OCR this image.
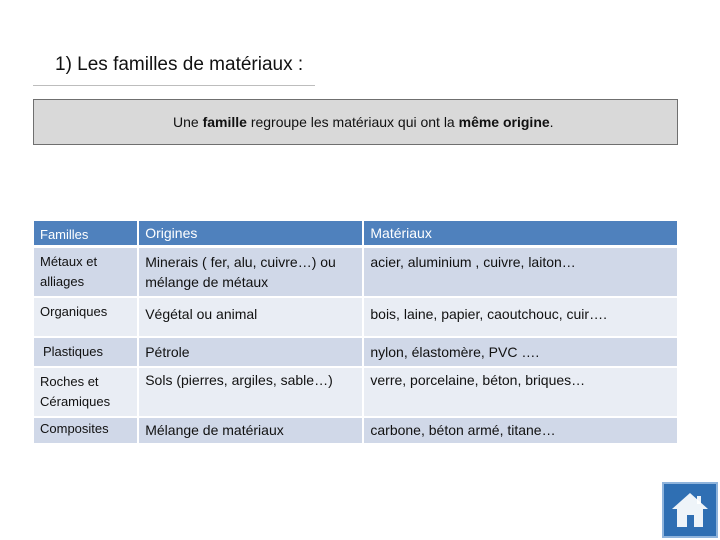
1) Les familles de matériaux :

Une famille regroupe les matériaux qui ont la même origine.

Familles	Origines	Matériaux
Métaux et alliages	Minerais ( fer, alu, cuivre…) ou mélange de métaux	acier, aluminium , cuivre, laiton…
Organiques	Végétal ou animal	bois, laine, papier, caoutchouc, cuir….
Plastiques	Pétrole	nylon, élastomère, PVC ….
Roches et Céramiques	Sols (pierres, argiles, sable…)	verre, porcelaine, béton, briques…
Composites	Mélange de matériaux	carbone, béton armé, titane…
